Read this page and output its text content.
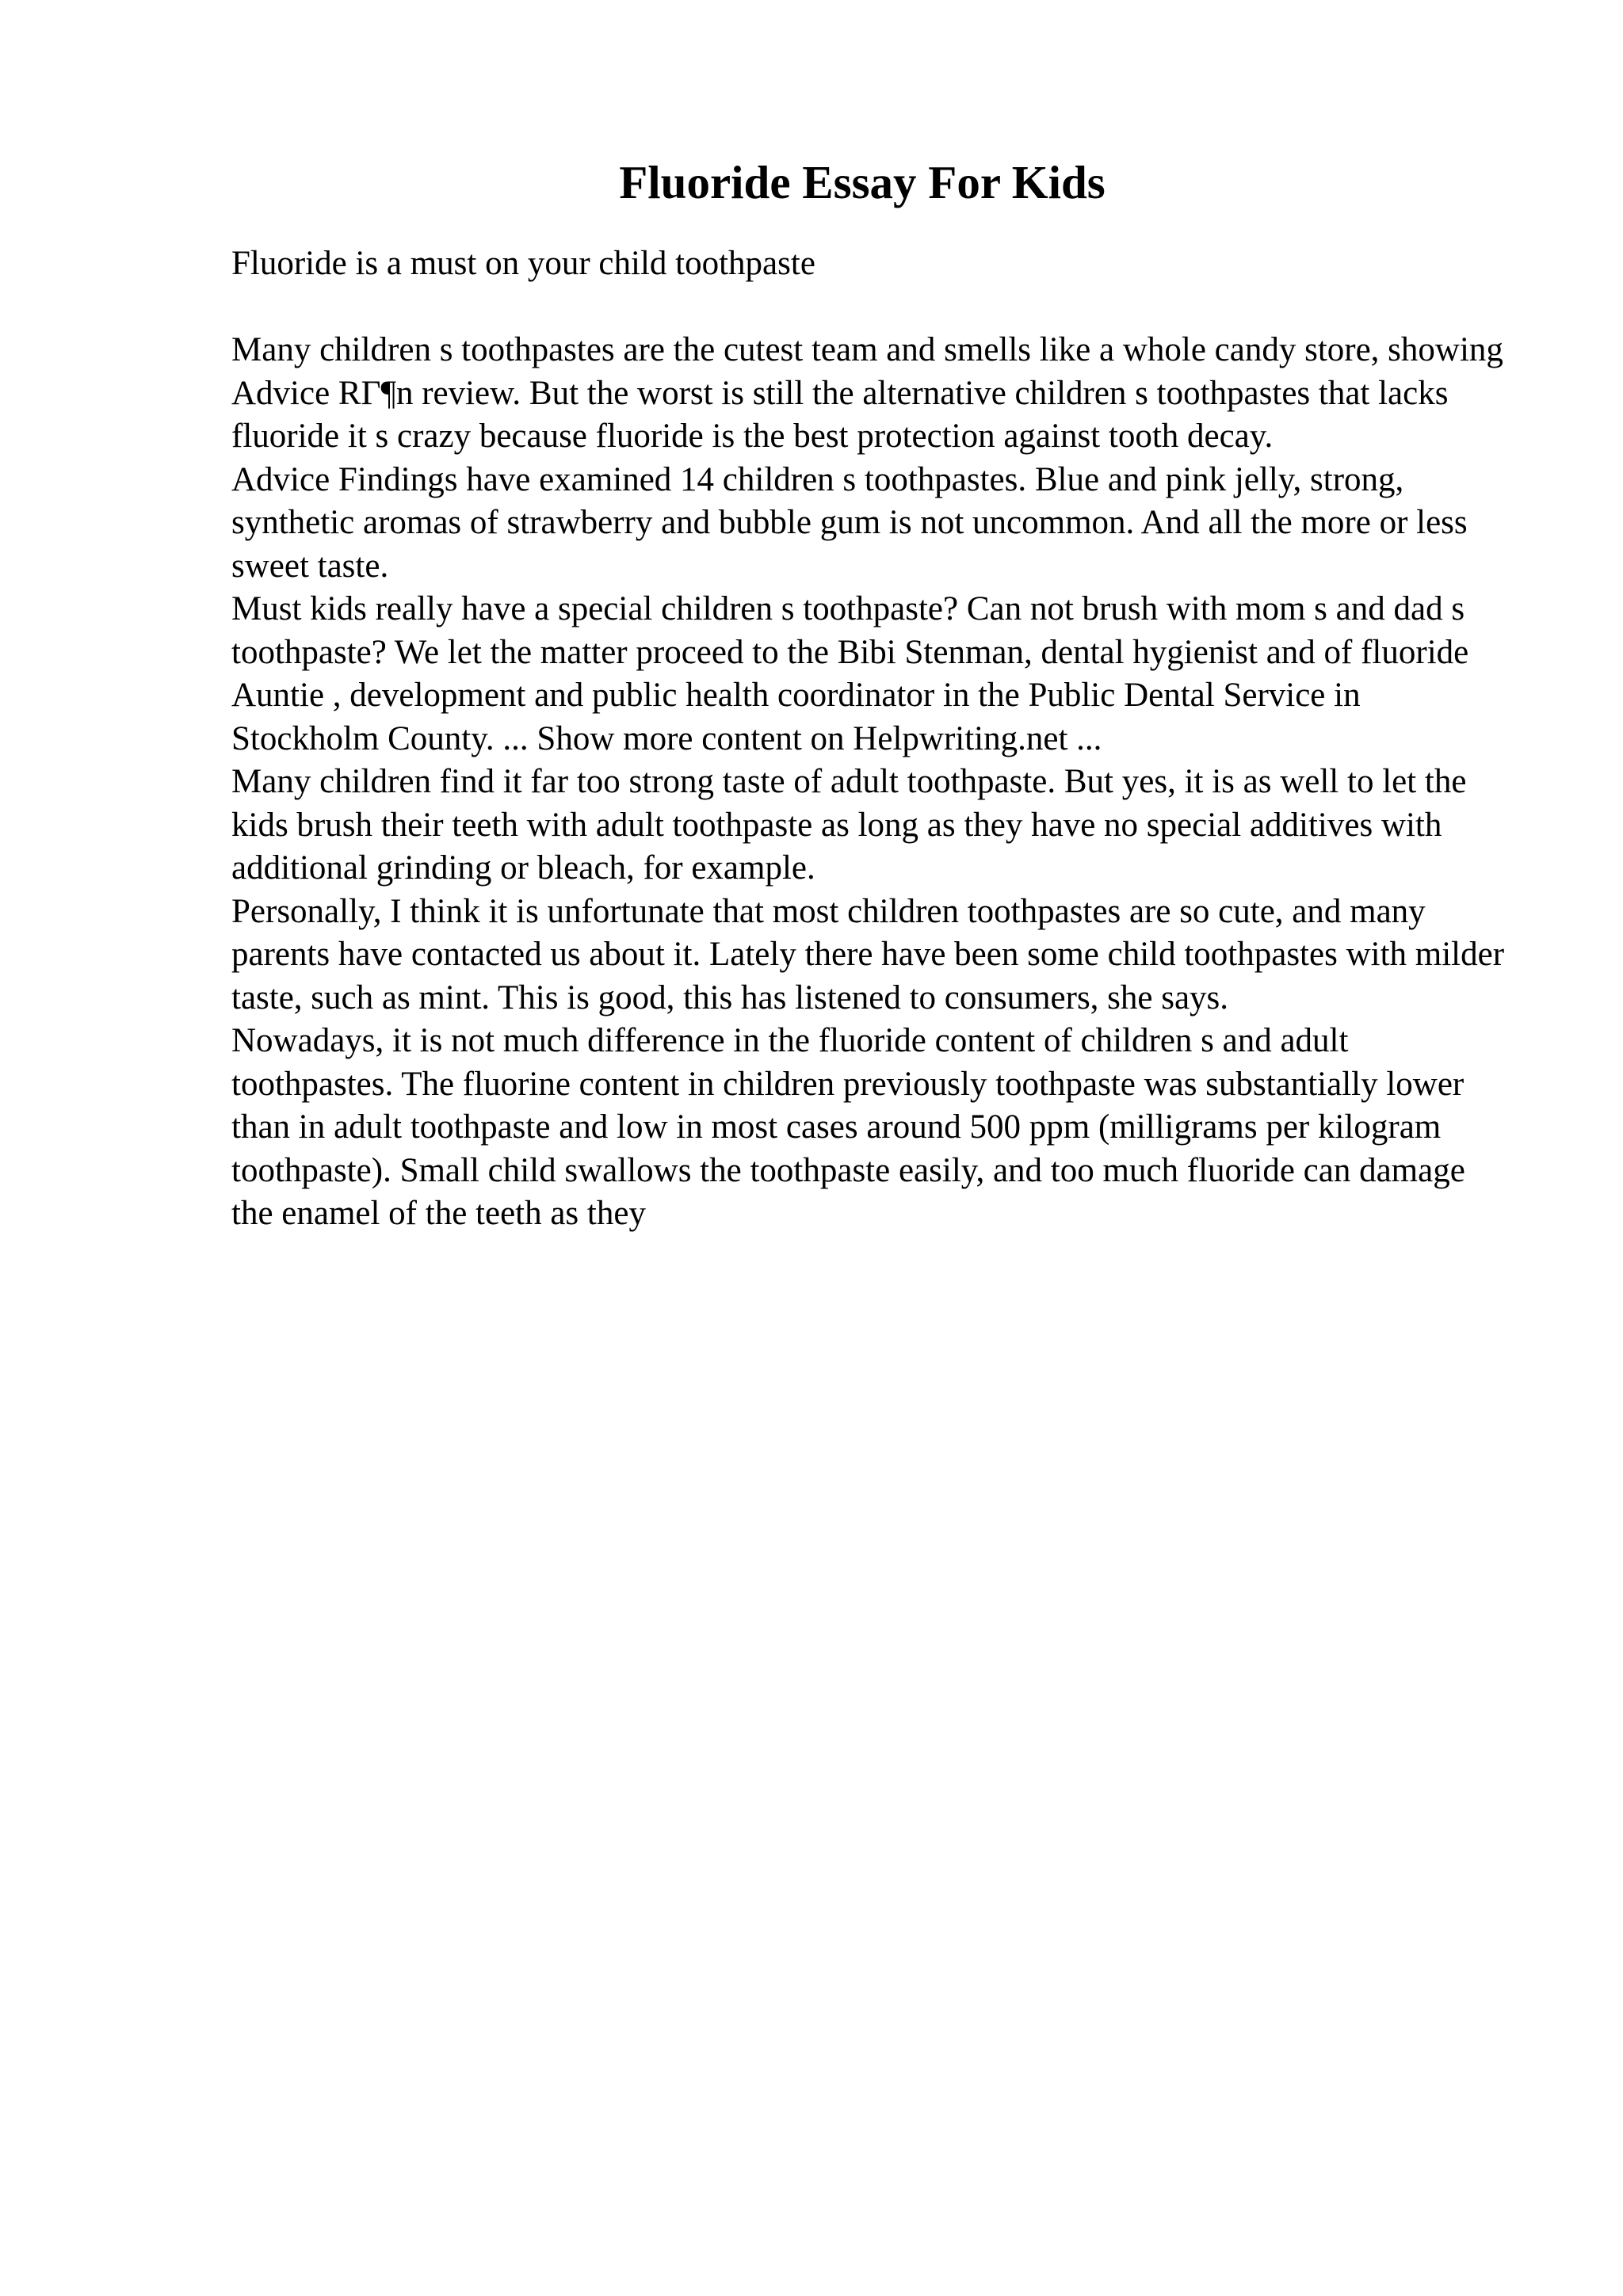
Fluoride Essay For Kids

Fluoride is a must on your child toothpaste

Many children s toothpastes are the cutest team and smells like a whole candy store, showing Advice RГ¶n review. But the worst is still the alternative children s toothpastes that lacks fluoride it s crazy because fluoride is the best protection against tooth decay.

Advice Findings have examined 14 children s toothpastes. Blue and pink jelly, strong, synthetic aromas of strawberry and bubble gum is not uncommon. And all the more or less sweet taste.

Must kids really have a special children s toothpaste? Can not brush with mom s and dad s toothpaste? We let the matter proceed to the Bibi Stenman, dental hygienist and of fluoride Auntie , development and public health coordinator in the Public Dental Service in Stockholm County. ... Show more content on Helpwriting.net ...

Many children find it far too strong taste of adult toothpaste. But yes, it is as well to let the kids brush their teeth with adult toothpaste as long as they have no special additives with additional grinding or bleach, for example.

Personally, I think it is unfortunate that most children toothpastes are so cute, and many parents have contacted us about it. Lately there have been some child toothpastes with milder taste, such as mint. This is good, this has listened to consumers, she says.

Nowadays, it is not much difference in the fluoride content of children s and adult toothpastes. The fluorine content in children previously toothpaste was substantially lower than in adult toothpaste and low in most cases around 500 ppm (milligrams per kilogram toothpaste). Small child swallows the toothpaste easily, and too much fluoride can damage the enamel of the teeth as they
